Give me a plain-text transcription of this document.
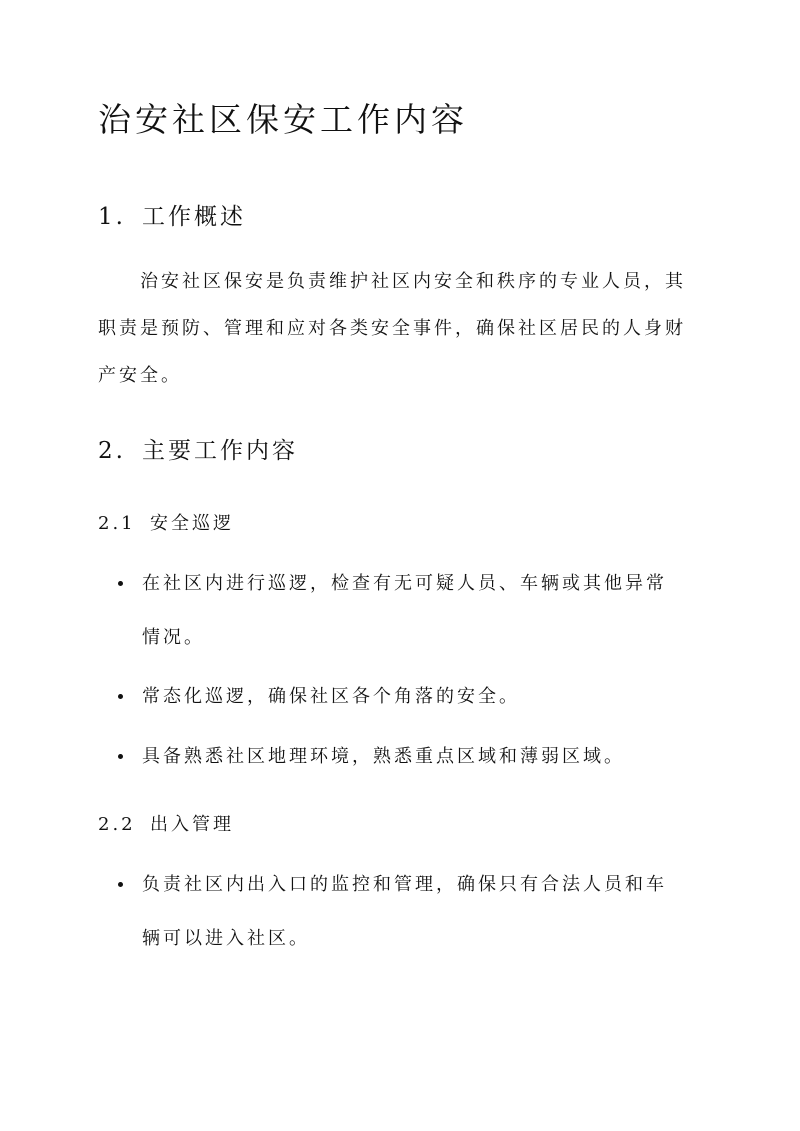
治安社区保安工作内容
1. 工作概述

治安社区保安是负责维护社区内安全和秩序的专业人员，其职责是预防、管理和应对各类安全事件，确保社区居民的人身财产安全。

2. 主要工作内容
2.1 安全巡逻
在社区内进行巡逻，检查有无可疑人员、车辆或其他异常情况。
常态化巡逻，确保社区各个角落的安全。
具备熟悉社区地理环境，熟悉重点区域和薄弱区域。
2.2 出入管理
负责社区内出入口的监控和管理，确保只有合法人员和车辆可以进入社区。
